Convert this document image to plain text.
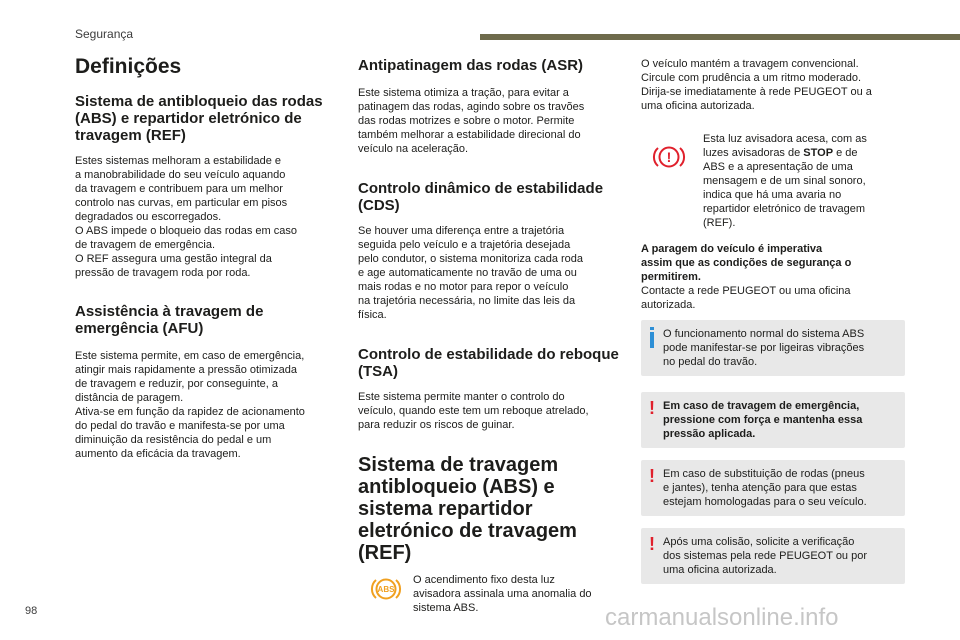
Segurança
Definições
Sistema de antibloqueio das rodas (ABS) e repartidor eletrónico de travagem (REF)

Estes sistemas melhoram a estabilidade e
a manobrabilidade do seu veículo aquando
da travagem e contribuem para um melhor
controlo nas curvas, em particular em pisos
degradados ou escorregados.
O ABS impede o bloqueio das rodas em caso
de travagem de emergência.
O REF assegura uma gestão integral da
pressão de travagem roda por roda.

Assistência à travagem de emergência (AFU)

Este sistema permite, em caso de emergência,
atingir mais rapidamente a pressão otimizada
de travagem e reduzir, por conseguinte, a
distância de paragem.
Ativa-se em função da rapidez de acionamento
do pedal do travão e manifesta-se por uma
diminuição da resistência do pedal e um
aumento da eficácia da travagem.

Antipatinagem das rodas (ASR)

Este sistema otimiza a tração, para evitar a
patinagem das rodas, agindo sobre os travões
das rodas motrizes e sobre o motor. Permite
também melhorar a estabilidade direcional do
veículo na aceleração.

Controlo dinâmico de estabilidade (CDS)

Se houver uma diferença entre a trajetória
seguida pelo veículo e a trajetória desejada
pelo condutor, o sistema monitoriza cada roda
e age automaticamente no travão de uma ou
mais rodas e no motor para repor o veículo
na trajetória necessária, no limite das leis da
física.

Controlo de estabilidade do reboque (TSA)

Este sistema permite manter o controlo do
veículo, quando este tem um reboque atrelado,
para reduzir os riscos de guinar.

Sistema de travagem antibloqueio (ABS) e sistema repartidor eletrónico de travagem (REF)
ABS

O acendimento fixo desta luz
avisadora assinala uma anomalia do
sistema ABS.

O veículo mantém a travagem convencional.
Circule com prudência a um ritmo moderado.
Dirija-se imediatamente à rede PEUGEOT ou a
uma oficina autorizada.

!

Esta luz avisadora acesa, com as
luzes avisadoras de STOP e de
ABS e a apresentação de uma
mensagem e de um sinal sonoro,
indica que há uma avaria no
repartidor eletrónico de travagem
(REF).

A paragem do veículo é imperativa
assim que as condições de segurança o
permitirem.
Contacte a rede PEUGEOT ou uma oficina
autorizada.

O funcionamento normal do sistema ABS
pode manifestar-se por ligeiras vibrações
no pedal do travão.

! Em caso de travagem de emergência,
pressione com força e mantenha essa
pressão aplicada.

! Em caso de substituição de rodas (pneus
e jantes), tenha atenção para que estas
estejam homologadas para o seu veículo.

! Após uma colisão, solicite a verificação
dos sistemas pela rede PEUGEOT ou por
uma oficina autorizada.

98	carmanualsonline.info
